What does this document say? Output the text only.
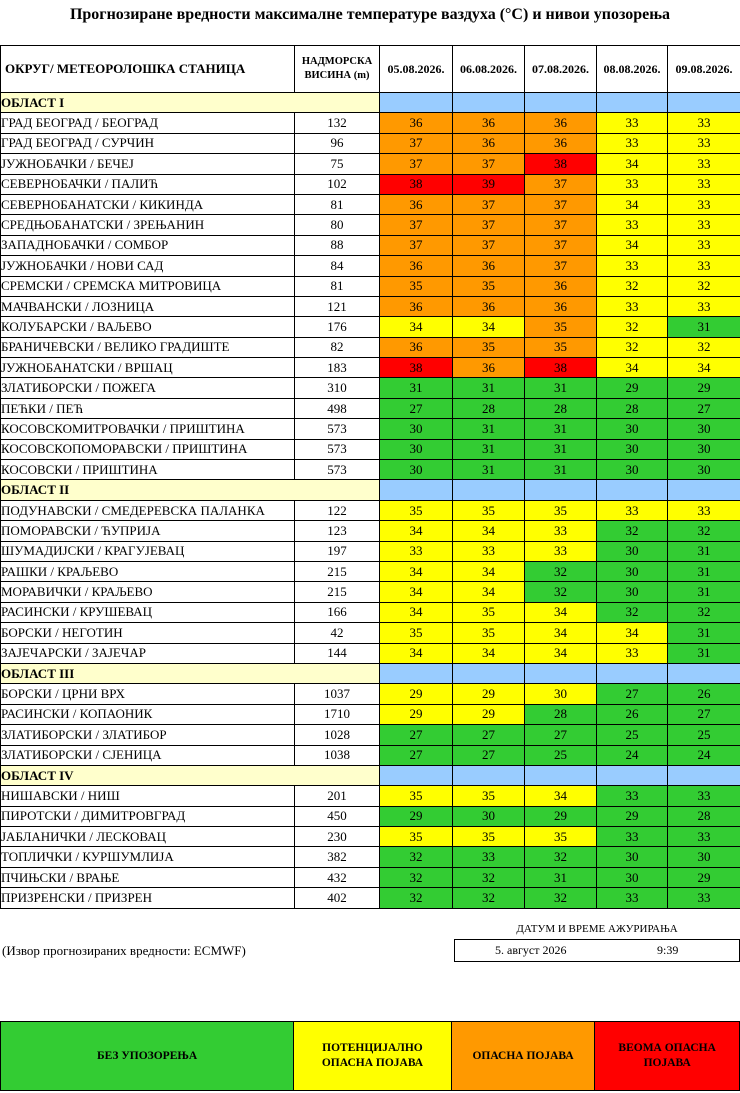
Прогнозиране вредности максималне температуре ваздуха (°C) и нивои упозорења
ОКРУГ/ МЕТЕОРОЛОШКА СТАНИЦА	НАДМОРСКА ВИСИНА (m)	05.08.2026.	06.08.2026.	07.08.2026.	08.08.2026.	09.08.2026.
ОБЛАСТ I						
ГРАД БЕОГРАД / БЕОГРАД	132	36	36	36	33	33
ГРАД БЕОГРАД / СУРЧИН	96	37	36	36	33	33
ЈУЖНОБАЧКИ / БЕЧЕЈ	75	37	37	38	34	33
СЕВЕРНОБАЧКИ / ПАЛИЋ	102	38	39	37	33	33
СЕВЕРНОБАНАТСКИ / КИКИНДА	81	36	37	37	34	33
СРЕДЊОБАНАТСКИ / ЗРЕЊАНИН	80	37	37	37	33	33
ЗАПАДНОБАЧКИ / СОМБОР	88	37	37	37	34	33
ЈУЖНОБАЧКИ / НОВИ САД	84	36	36	37	33	33
СРЕМСКИ / СРЕМСКА МИТРОВИЦА	81	35	35	36	32	32
МАЧВАНСКИ / ЛОЗНИЦА	121	36	36	36	33	33
КОЛУБАРСКИ / ВАЉЕВО	176	34	34	35	32	31
БРАНИЧЕВСКИ / ВЕЛИКО ГРАДИШТЕ	82	36	35	35	32	32
ЈУЖНОБАНАТСКИ / ВРШАЦ	183	38	36	38	34	34
ЗЛАТИБОРСКИ / ПОЖЕГА	310	31	31	31	29	29
ПЕЋКИ / ПЕЋ	498	27	28	28	28	27
КОСОВСКОМИТРОВАЧКИ / ПРИШТИНА	573	30	31	31	30	30
КОСОВСКОПОМОРАВСКИ / ПРИШТИНА	573	30	31	31	30	30
КОСОВСКИ / ПРИШТИНА	573	30	31	31	30	30
ОБЛАСТ II						
ПОДУНАВСКИ / СМЕДЕРЕВСКА ПАЛАНКА	122	35	35	35	33	33
ПОМОРАВСКИ / ЋУПРИЈА	123	34	34	33	32	32
ШУМАДИЈСКИ / КРАГУЈЕВАЦ	197	33	33	33	30	31
РАШКИ / КРАЉЕВО	215	34	34	32	30	31
МОРАВИЧКИ / КРАЉЕВО	215	34	34	32	30	31
РАСИНСКИ / КРУШЕВАЦ	166	34	35	34	32	32
БОРСКИ / НЕГОТИН	42	35	35	34	34	31
ЗАЈЕЧАРСКИ / ЗАЈЕЧАР	144	34	34	34	33	31
ОБЛАСТ III						
БОРСКИ / ЦРНИ ВРХ	1037	29	29	30	27	26
РАСИНСКИ / КОПАОНИК	1710	29	29	28	26	27
ЗЛАТИБОРСКИ / ЗЛАТИБОР	1028	27	27	27	25	25
ЗЛАТИБОРСКИ / СЈЕНИЦА	1038	27	27	25	24	24
ОБЛАСТ IV						
НИШАВСКИ / НИШ	201	35	35	34	33	33
ПИРОТСКИ / ДИМИТРОВГРАД	450	29	30	29	29	28
ЈАБЛАНИЧКИ / ЛЕСКОВАЦ	230	35	35	35	33	33
ТОПЛИЧКИ / КУРШУМЛИЈА	382	32	33	32	30	30
ПЧИЊСКИ / ВРАЊЕ	432	32	32	31	30	29
ПРИЗРЕНСКИ / ПРИЗРЕН	402	32	32	32	33	33
ДАТУМ И ВРЕМЕ АЖУРИРАЊА
5. август 2026	9:39
(Извор прогнозираних вредности: ECMWF)
БЕЗ УПОЗОРЕЊА
ПОТЕНЦИЈАЛНО ОПАСНА ПОЈАВА
ОПАСНА ПОЈАВА
ВЕОМА ОПАСНА ПОЈАВА
